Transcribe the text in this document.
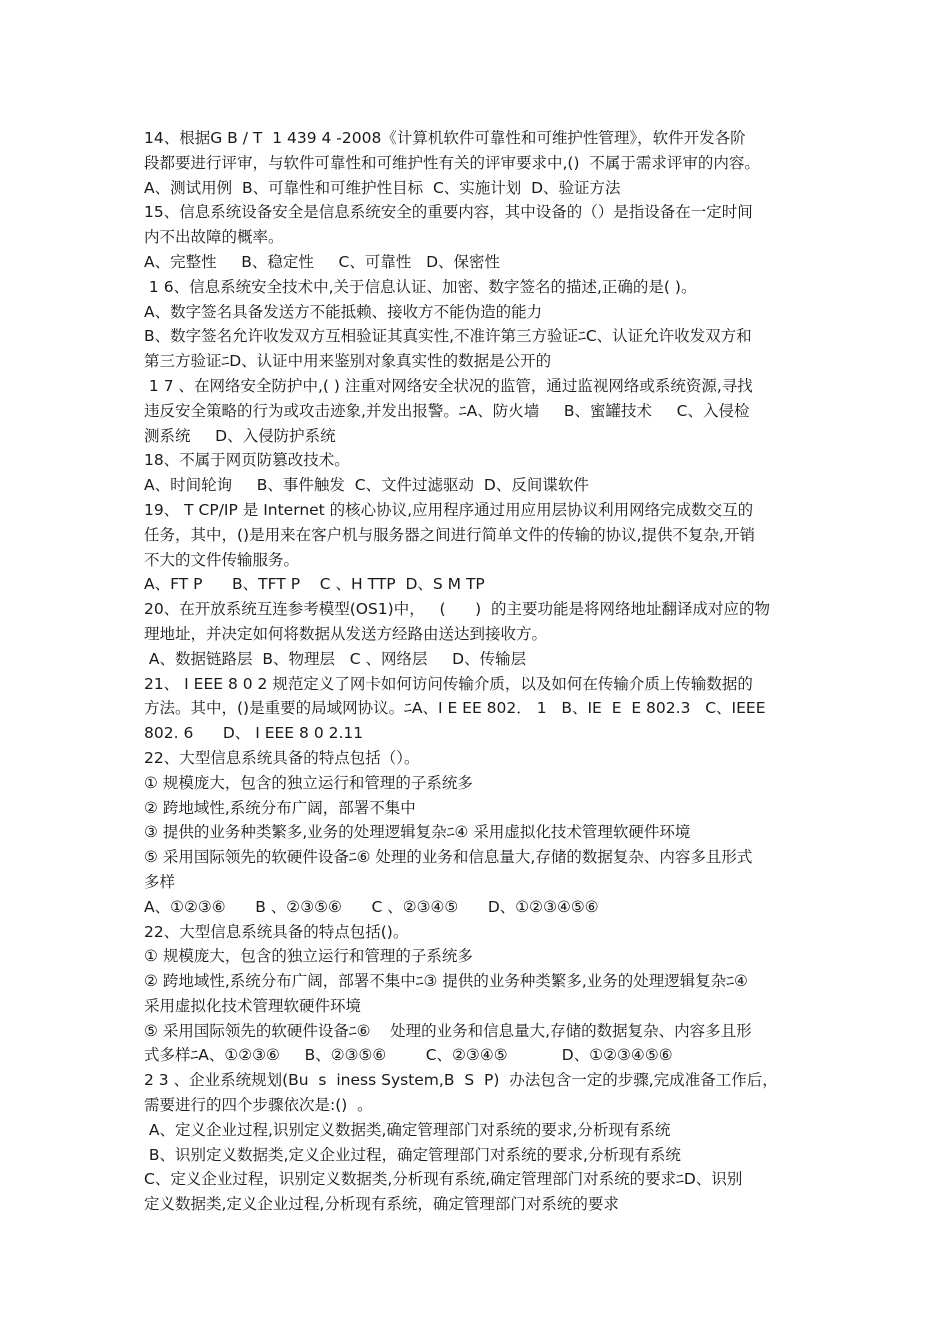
14、根据G B / T  1 439 4 -2008《计算机软件可靠性和可维护性管理》，软件开发各阶
段都要进行评审，与软件可靠性和可维护性有关的评审要求中,()  不属于需求评审的内容。
A、测试用例  B、可靠性和可维护性目标  C、实施计划  D、验证方法
15、信息系统设备安全是信息系统安全的重要内容，其中设备的（）是指设备在一定时间
内不出故障的概率。
A、完整性     B、稳定性     C、可靠性   D、保密性
1 6、信息系统安全技术中,关于信息认证、加密、数字签名的描述,正确的是( )。
A、数字签名具备发送方不能抵赖、接收方不能伪造的能力
B、数字签名允许收发双方互相验证其真实性,不准许第三方验证ﾆC、认证允许收发双方和
第三方验证ﾆD、认证中用来鉴别对象真实性的数据是公开的
1 7 、在网络安全防护中,( ) 注重对网络安全状况的监管，通过监视网络或系统资源,寻找
违反安全策略的行为或攻击迹象,并发出报警。ﾆA、防火墙     B、蜜罐技术     C、入侵检
测系统     D、入侵防护系统
18、不属于网页防篡改技术。
A、时间轮询     B、事件触发  C、文件过滤驱动  D、反间谍软件
19、 T CP/IP 是 Internet 的核心协议,应用程序通过用应用层协议利用网络完成数交互的
任务，其中，()是用来在客户机与服务器之间进行简单文件的传输的协议,提供不复杂,开销
不大的文件传输服务。
A、FT P      B、TFT P    C 、H TTP  D、S M TP
20、在开放系统互连参考模型(OS1)中，   (      )  的主要功能是将网络地址翻译成对应的物
理地址，并决定如何将数据从发送方经路由送达到接收方。
A、数据链路层  B、物理层   C 、网络层     D、传输层
21、 I EEE 8 0 2 规范定义了网卡如何访问传输介质，以及如何在传输介质上传输数据的
方法。其中，()是重要的局域网协议。ﾆA、I E EE 802． 1   B、IE  E  E 802.3   C、IEEE
802. 6      D、 I EEE 8 0 2.11
22、大型信息系统具备的特点包括（）。
① 规模庞大，包含的独立运行和管理的子系统多
② 跨地域性,系统分布广阔，部署不集中
③ 提供的业务种类繁多,业务的处理逻辑复杂ﾆ④ 采用虚拟化技术管理软硬件环境
⑤ 采用国际领先的软硬件设备ﾆ⑥ 处理的业务和信息量大,存储的数据复杂、内容多且形式
多样
A、①②③⑥      B 、②③⑤⑥      C 、②③④⑤      D、①②③④⑤⑥
22、大型信息系统具备的特点包括()。
① 规模庞大，包含的独立运行和管理的子系统多
② 跨地域性,系统分布广阔，部署不集中ﾆ③ 提供的业务种类繁多,业务的处理逻辑复杂ﾆ④
采用虚拟化技术管理软硬件环境
⑤ 采用国际领先的软硬件设备ﾆ⑥    处理的业务和信息量大,存储的数据复杂、内容多且形
式多样ﾆA、①②③⑥     B、②③⑤⑥        C、②③④⑤           D、①②③④⑤⑥
2 3 、企业系统规划(Bu  s  iness System,B  S  P)  办法包含一定的步骤,完成准备工作后，
需要进行的四个步骤依次是:()  。
A、定义企业过程,识别定义数据类,确定管理部门对系统的要求,分析现有系统
B、识别定义数据类,定义企业过程，确定管理部门对系统的要求,分析现有系统
C、定义企业过程，识别定义数据类,分析现有系统,确定管理部门对系统的要求ﾆD、识别
定义数据类,定义企业过程,分析现有系统，确定管理部门对系统的要求
